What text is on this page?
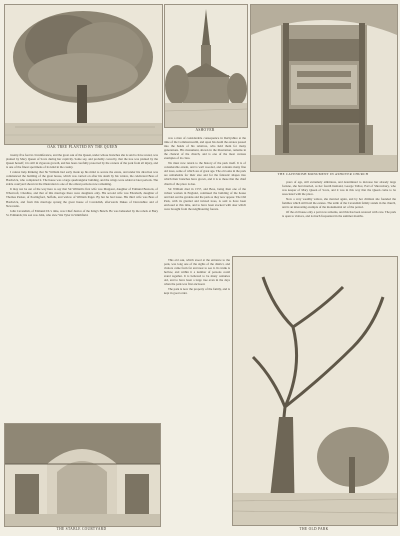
OAK TREE PLANTED BY THE QUEEN
ASHOVER
THE CAVENDISH MONUMENT IN ASHOVER CHURCH

twenty-five feet in circumference, and the great oak of the Queen, under whose branches she is said to have rested, was planted by Mary Queen of Scots during her captivity. Some say, and probably correctly, that the tree was planted by the Queen herself; it is still in vigorous growth, and has been carefully protected by the owners of the park from all injury, and is one of the finest specimens of its kind in the county.

I cannot help thinking that Sir William had early made up his mind to secure the estate, and under his direction was commenced the building of the great house, which was carried on after his death by his widow, the celebrated Bess of Hardwick, who completed it. The house was a large quadrangular building, and the wings were added at later periods. The stable courtyard shown in the illustration is one of the oldest portions now remaining.

It may not be out of the way here to say that Sir William's first wife was Margaret, daughter of Edmund Bostock, of Whatcroft, Cheshire, and that of this marriage there were daughters only. His second wife was Elizabeth, daughter of Thomas Parker, of Poslingford, Suffolk, and widow of William Paget. By her he had issue. His third wife was Bess of Hardwick, and from this marriage sprang the great house of Cavendish, afterwards Dukes of Devonshire and of Newcastle.

John Cavendish, of Edmund IX.'s time, was Chief Justice of the King's Bench. He was beheaded by the rebels at Bury St. Edmunds; his son was John, who slew Wat Tyler in Smithfield.

was a man of considerable consequence in Derbyshire at the time of the Commonwealth, and upon his death the estates passed into the hands of his relatives, who held them for many generations. His monument, shown in the illustration, remains in the chancel of the church, and is one of the most curious examples of its class.

We must now return to the history of the park itself. It is of considerable extent, and is well wooded, and contains many fine old trees, some of which are of great age. The old oaks in the park are remarkable for their size and for the fantastic shapes into which their branches have grown, and it is to these that the chief charm of the place is due.

Sir William died in 1557, and Bess, being then one of the richest women in England, continued the building of the house and laid out the gardens and the park as they now appear. The Old Park, with its gnarled and twisted trees, is said to have been enclosed at this time, and to have been stocked with deer which were brought from the neighbouring forests.

years of age, still extremely ambitious, and determined to increase her already large fortune, she had married, as her fourth husband, George Talbot, Earl of Shrewsbury, who was keeper of Mary Queen of Scots, and it was in this way that the Queen came to be associated with the place.

Now a very wealthy widow, she married again, and by her children she founded the families which still hold the estates. The tomb of the Cavendish family stands in the church, and is an interesting example of the monumental art of the period.

Of the old house only a part now remains, and this has been restored with care. The park is open to visitors, and is much frequented in the summer months.

This old oak, which stood at the entrance to the park, was long one of the sights of the district, and visitors came from far and near to see it. Its trunk is hollow, and within it a number of persons could stand together. It is believed to be many centuries old, and to have been a large tree even in the days when the park was first enclosed.

The park is now the property of the family, and is kept in good order.

THE STABLE COURTYARD	THE OLD PARK
